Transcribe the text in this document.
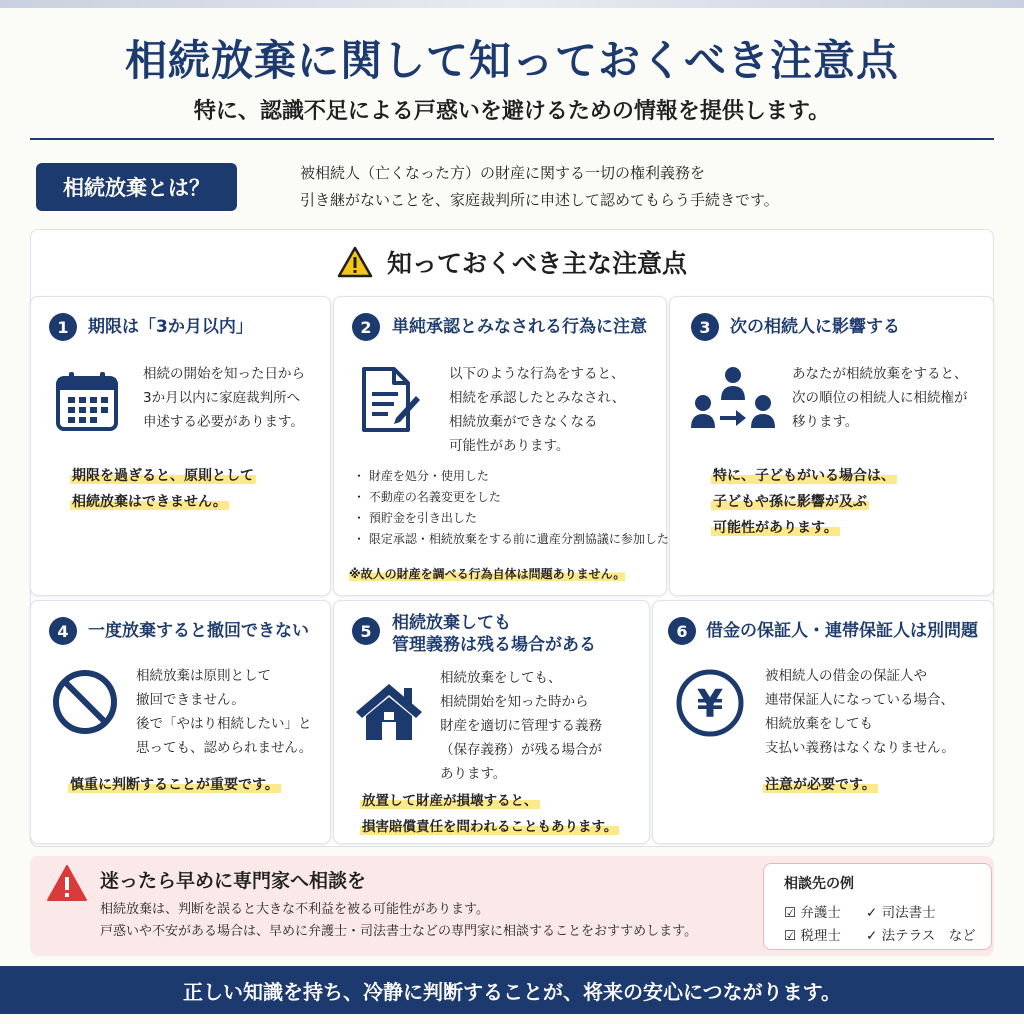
相続放棄に関して知っておくべき注意点
特に、認識不足による戸惑いを避けるための情報を提供します。
相続放棄とは？
被相続人（亡くなった方）の財産に関する一切の権利義務を
引き継がないことを、家庭裁判所に申述して認めてもらう手続きです。
知っておくべき主な注意点
1	期限は「3か月以内」
相続の開始を知った日から
3か月以内に家庭裁判所へ
申述する必要があります。
期限を過ぎると、原則として
相続放棄はできません。
2	単純承認とみなされる行為に注意
以下のような行為をすると、
相続を承認したとみなされ、
相続放棄ができなくなる
可能性があります。
・ 財産を処分・使用した
・ 不動産の名義変更をした
・ 預貯金を引き出した
・ 限定承認・相続放棄をする前に遺産分割協議に参加した
※故人の財産を調べる行為自体は問題ありません。
3	次の相続人に影響する
あなたが相続放棄をすると、
次の順位の相続人に相続権が
移ります。
特に、子どもがいる場合は、
子どもや孫に影響が及ぶ
可能性があります。
4	一度放棄すると撤回できない
相続放棄は原則として
撤回できません。
後で「やはり相続したい」と
思っても、認められません。
慎重に判断することが重要です。
5	相続放棄しても
管理義務は残る場合がある
相続放棄をしても、
相続開始を知った時から
財産を適切に管理する義務
（保存義務）が残る場合が
あります。
放置して財産が損壊すると、
損害賠償責任を問われることもあります。
6	借金の保証人・連帯保証人は別問題
¥
被相続人の借金の保証人や
連帯保証人になっている場合、
相続放棄をしても
支払い義務はなくなりません。
注意が必要です。
迷ったら早めに専門家へ相談を
相続放棄は、判断を誤ると大きな不利益を被る可能性があります。
戸惑いや不安がある場合は、早めに弁護士・司法書士などの専門家に相談することをおすすめします。
相談先の例
☑ 弁護士 ✓ 司法書士
☑ 税理士 ✓ 法テラス　など
正しい知識を持ち、冷静に判断することが、将来の安心につながります。
